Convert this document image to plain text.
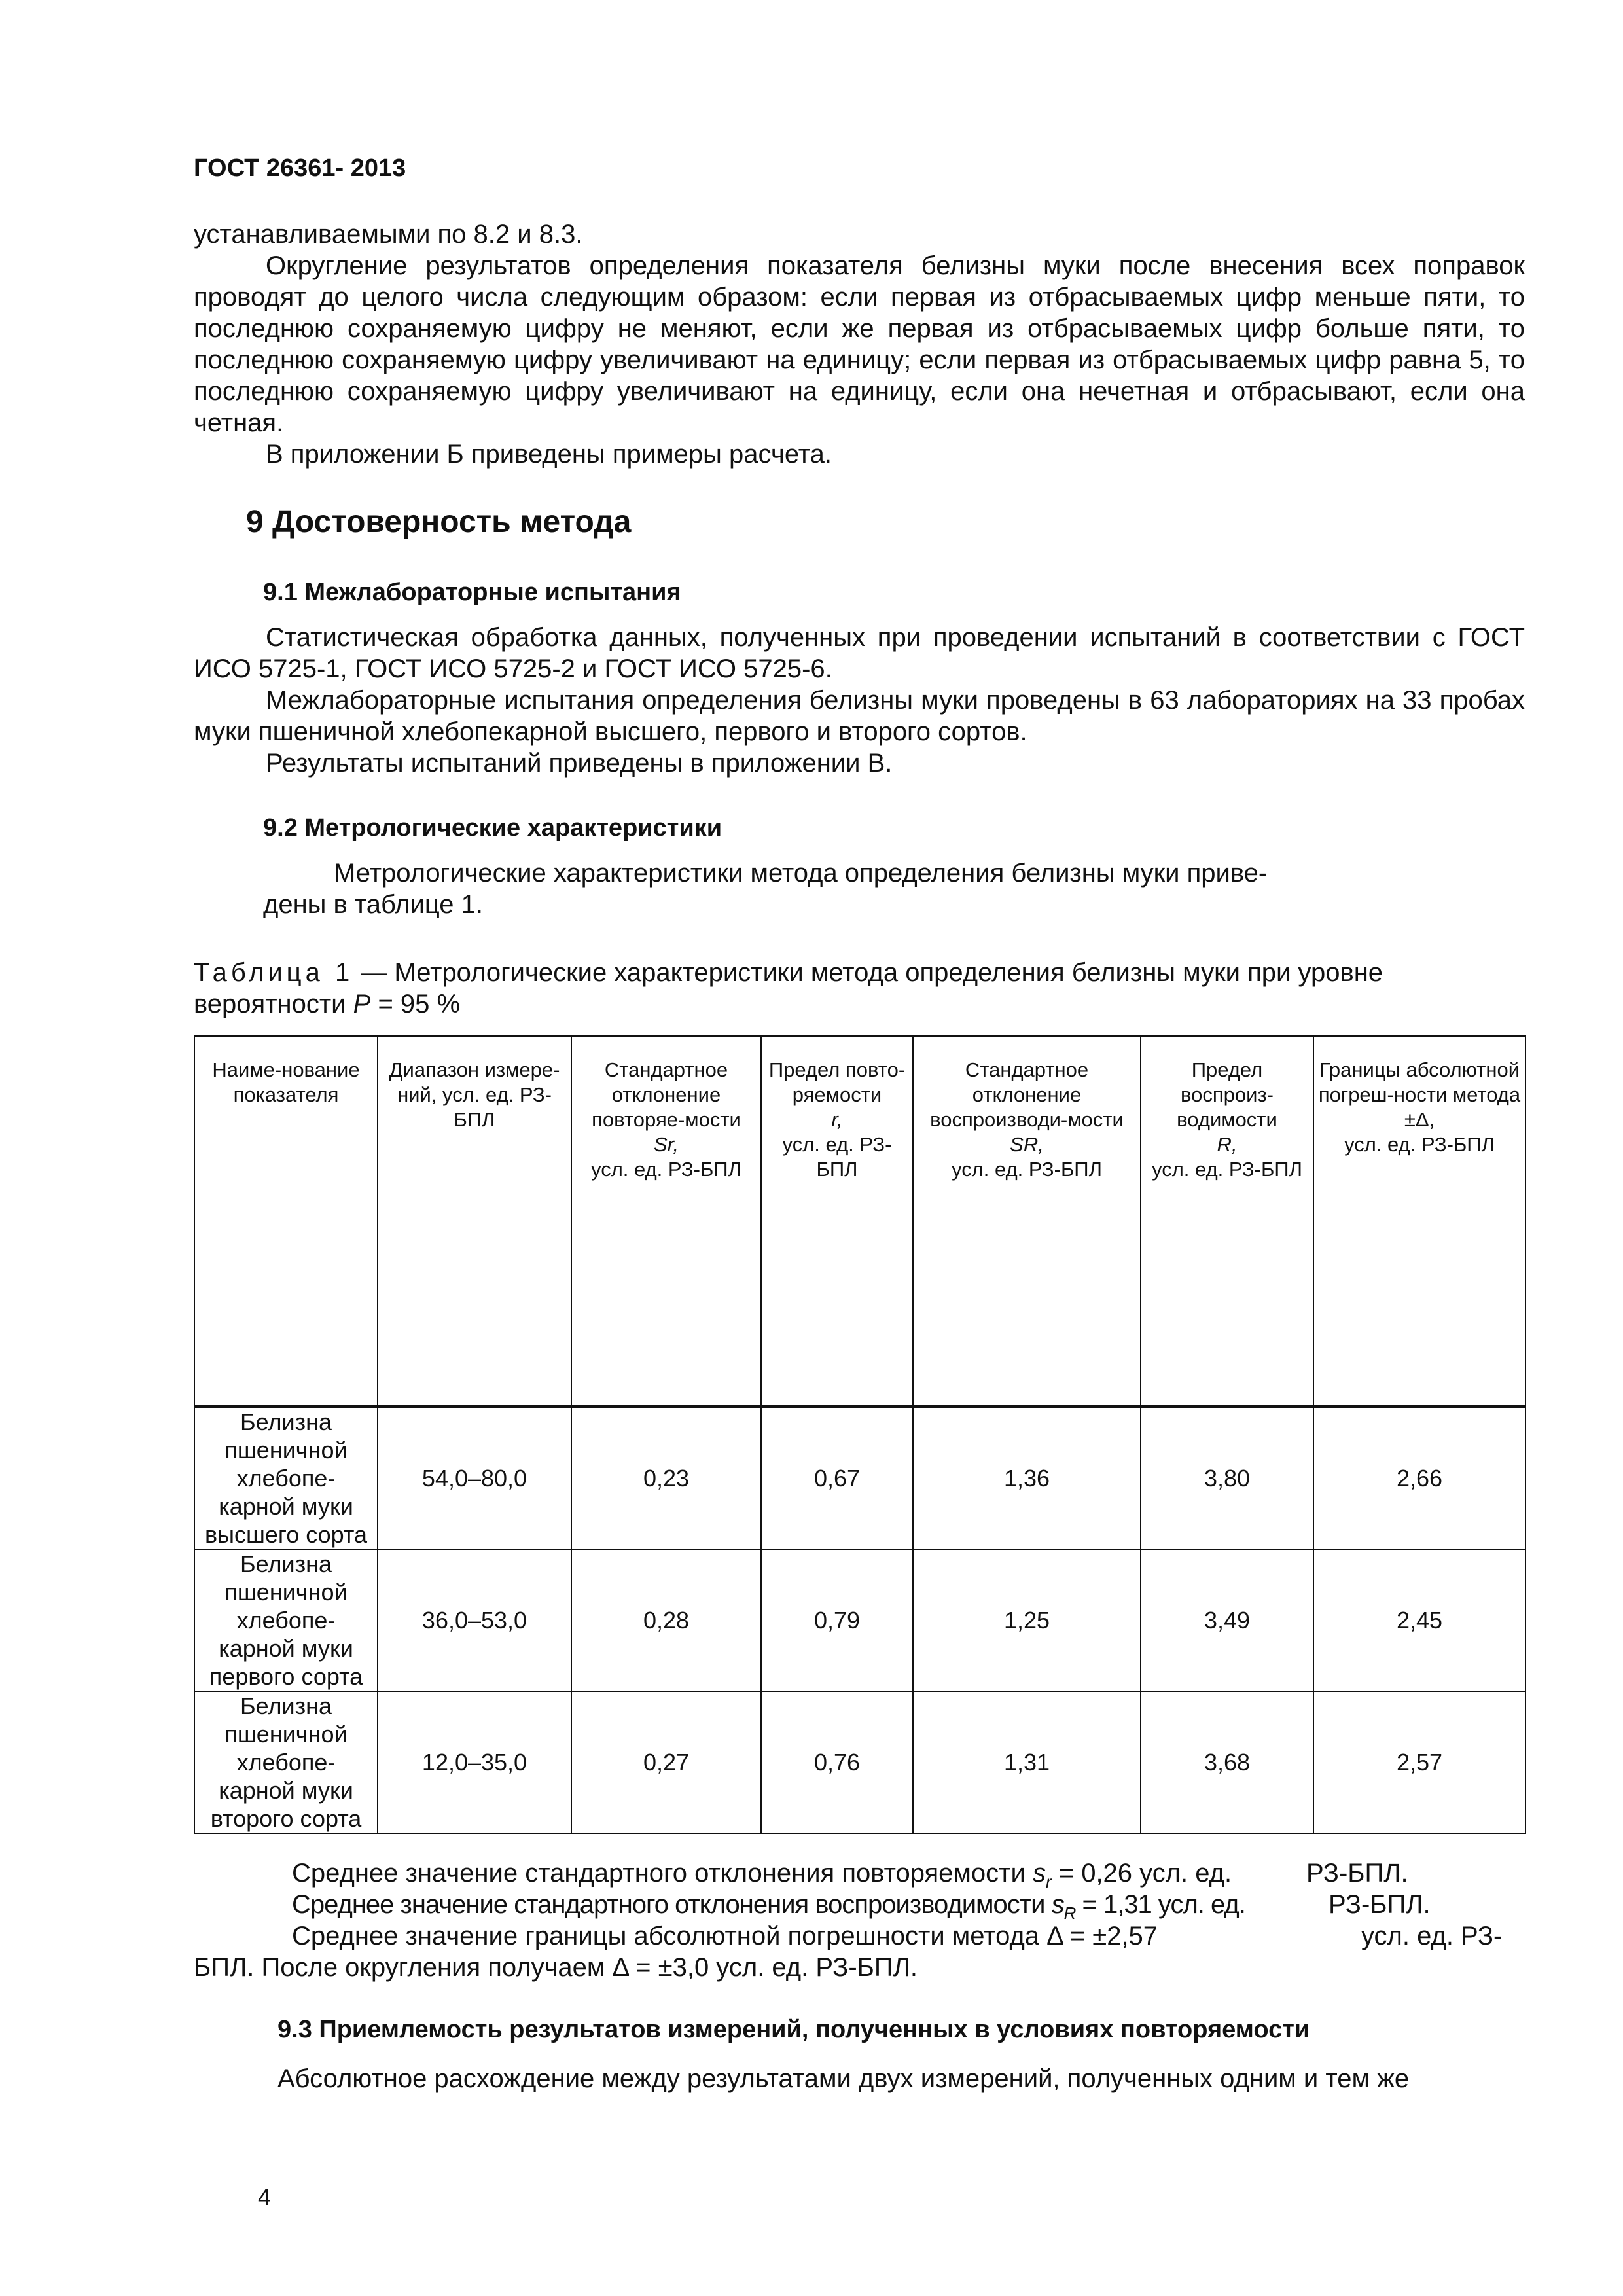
ГОСТ 26361- 2013

устанавливаемыми по 8.2 и 8.3.

Округление результатов определения показателя белизны муки после внесения всех поправок проводят до целого числа следующим образом: если первая из отбрасываемых цифр меньше пяти, то последнюю сохраняемую цифру не меняют, если же первая из отбрасываемых цифр больше пяти, то последнюю сохраняемую цифру увеличивают на единицу; если первая из отбрасываемых цифр равна 5, то последнюю сохраняемую цифру увеличивают на единицу, если она нечетная и отбрасывают, если она четная.

В приложении Б приведены примеры расчета.

9 Достоверность метода
9.1 Межлабораторные испытания

Статистическая обработка данных, полученных при проведении испытаний в соответствии с ГОСТ ИСО 5725-1, ГОСТ ИСО 5725-2 и ГОСТ ИСО 5725-6.

Межлабораторные испытания определения белизны муки проведены в 63 лабораториях на 33 пробах муки пшеничной хлебопекарной высшего, первого и второго сортов.

Результаты испытаний приведены в приложении В.

9.2 Метрологические характеристики
Метрологические характеристики метода определения белизны муки приве-
дены в таблице 1.
Таблица 1 — Метрологические характеристики метода определения белизны муки при уровне вероятности P = 95 %
Наиме-нование показателя	Диапазон измере-ний, усл. ед. РЗ-БПЛ	Стандартное отклонение повторяе-мости
Sr,
усл. ед. РЗ-БПЛ	Предел повто-ряемости
r,
усл. ед. РЗ-БПЛ	Стандартное отклонение воспроизводи-мости
SR,
усл. ед. РЗ-БПЛ	Предел воспроиз-водимости
R,
усл. ед. РЗ-БПЛ	Границы абсолютной погреш-ности метода
±Δ,
усл. ед. РЗ-БПЛ
Белизна пшеничной хлебопе-карной муки высшего сорта	54,0–80,0	0,23	0,67	1,36	3,80	2,66
Белизна пшеничной хлебопе-карной муки первого сорта	36,0–53,0	0,28	0,79	1,25	3,49	2,45
Белизна пшеничной хлебопе-карной муки второго сорта	12,0–35,0	0,27	0,76	1,31	3,68	2,57
Среднее значение стандартного отклонения повторяемости $s_r = 0,26$ усл. ед.	РЗ-БПЛ.
Среднее значение стандартного отклонения воспроизводимости $s_R = 1,31$ усл. ед.	РЗ-БПЛ.
Среднее значение границы абсолютной погрешности метода Δ = ±2,57	усл. ед. РЗ-
БПЛ. После округления получаем Δ = ±3,0 усл. ед. РЗ-БПЛ.
9.3 Приемлемость результатов измерений, полученных в условиях повторяемости

Абсолютное расхождение между результатами двух измерений, полученных одним и тем же

4
